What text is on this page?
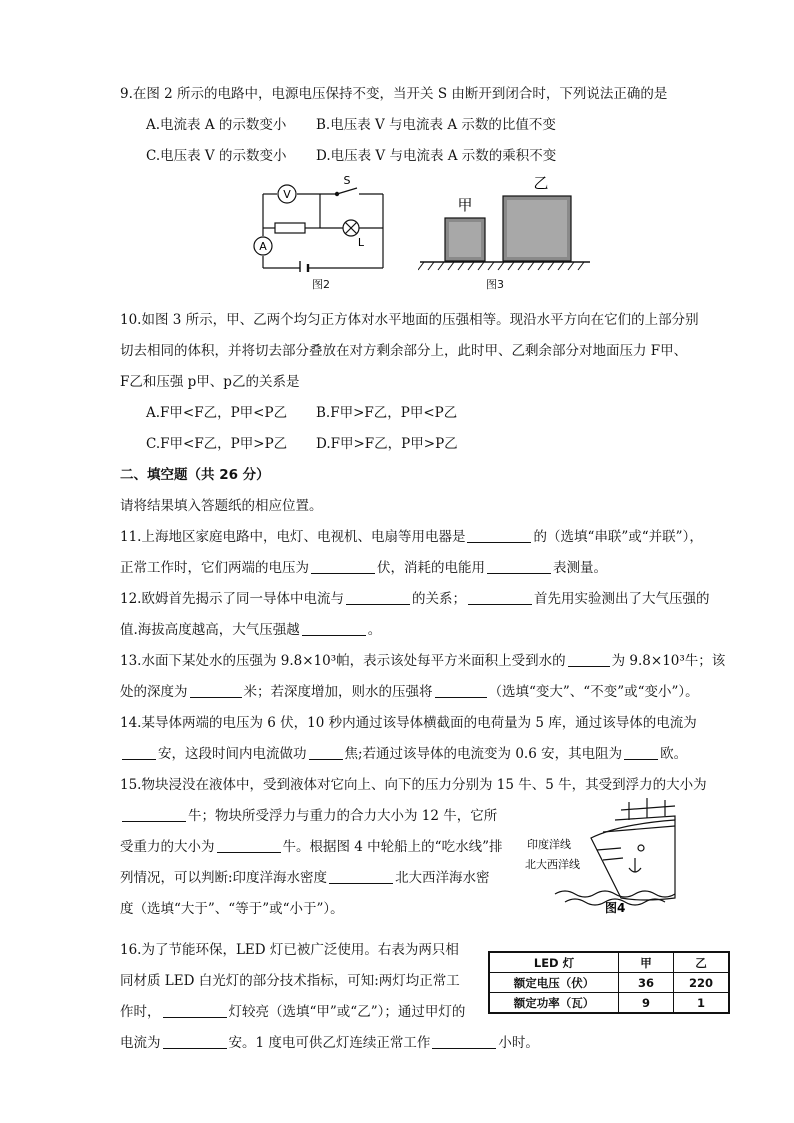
9.在图 2 所示的电路中，电源电压保持不变，当开关 S 由断开到闭合时，下列说法正确的是
A.电流表 A 的示数变小 B.电压表 V 与电流表 A 示数的比值不变
C.电压表 V 的示数变小 D.电压表 V 与电流表 A 示数的乘积不变
V
A
S
L
图2
甲
乙
图3
10.如图 3 所示，甲、乙两个均匀正方体对水平地面的压强相等。现沿水平方向在它们的上部分别
切去相同的体积，并将切去部分叠放在对方剩余部分上，此时甲、乙剩余部分对地面压力 F甲、
F乙和压强 p甲、p乙的关系是
A.F甲<F乙，P甲<P乙 B.F甲>F乙，P甲<P乙
C.F甲<F乙，P甲>P乙 D.F甲>F乙，P甲>P乙
二、填空题（共 26 分）
请将结果填入答题纸的相应位置。
11.上海地区家庭电路中，电灯、电视机、电扇等用电器是	的（选填“串联”或“并联”），
正常工作时，它们两端的电压为	伏，消耗的电能用	表测量。
12.欧姆首先揭示了同一导体中电流与	的关系；	首先用实验测出了大气压强的
值.海拔高度越高，大气压强越	。
13.水面下某处水的压强为 9.8×10³帕，表示该处每平方米面积上受到水的	为 9.8×10³牛；该
处的深度为	米；若深度增加，则水的压强将	（选填“变大”、“不变”或“变小”）。
14.某导体两端的电压为 6 伏，10 秒内通过该导体横截面的电荷量为 5 库，通过该导体的电流为
安，这段时间内电流做功	焦;若通过该导体的电流变为 0.6 安，其电阻为	欧。
15.物块浸没在液体中，受到液体对它向上、向下的压力分别为 15 牛、5 牛，其受到浮力的大小为
牛；物块所受浮力与重力的合力大小为 12 牛，它所
受重力的大小为	牛。根据图 4 中轮船上的“吃水线”排
列情况，可以判断:印度洋海水密度	北大西洋海水密
度（选填“大于”、“等于”或“小于”）。
印度洋线
北大西洋线
图4
16.为了节能环保，LED 灯已被广泛使用。右表为两只相
同材质 LED 白光灯的部分技术指标，可知:两灯均正常工
作时，	灯较亮（选填“甲”或“乙”）；通过甲灯的
电流为	安。1 度电可供乙灯连续正常工作	小时。
LED 灯	甲	乙
额定电压（伏）	36	220
额定功率（瓦）	9	1
